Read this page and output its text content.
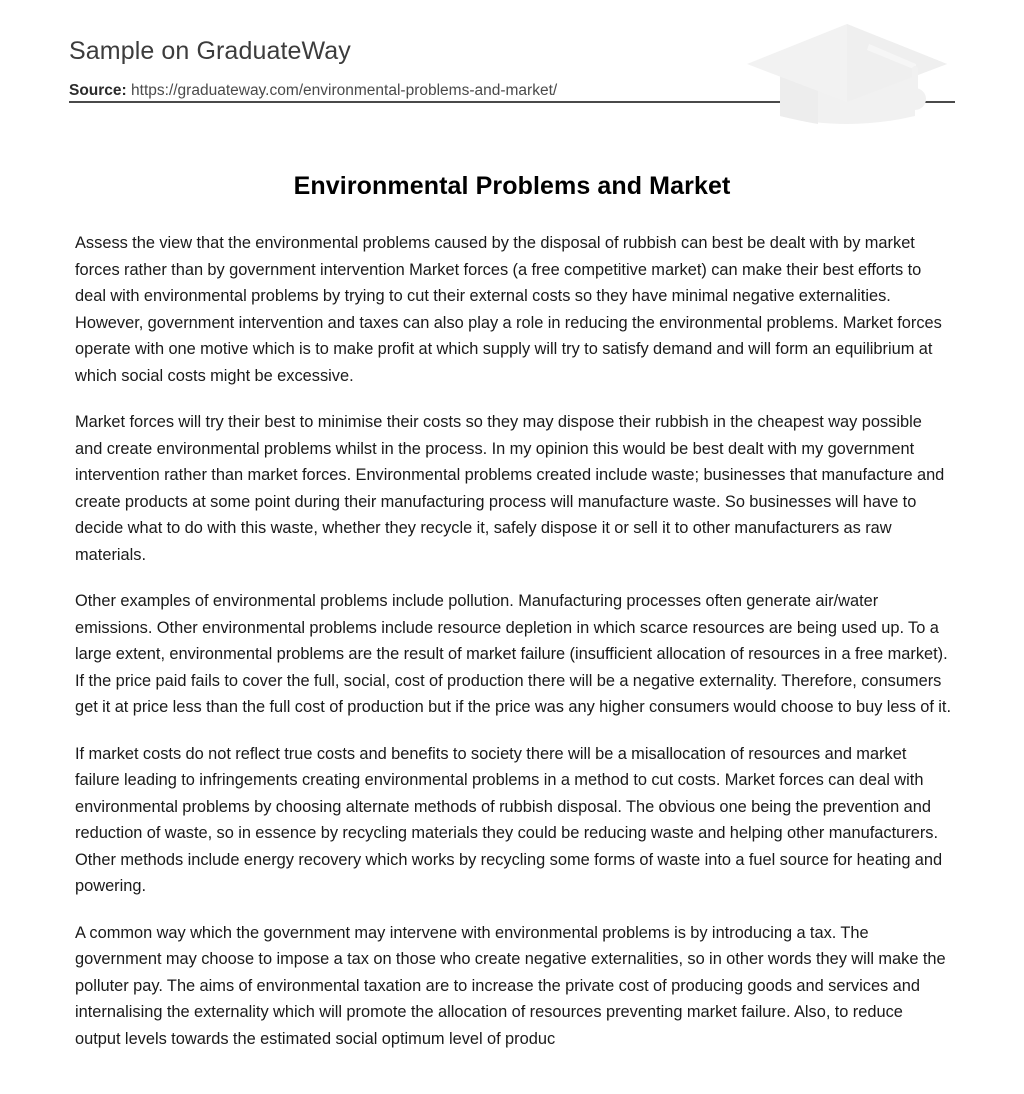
Sample on GraduateWay
Source: https://graduateway.com/environmental-problems-and-market/
Environmental Problems and Market

Assess the view that the environmental problems caused by the disposal of rubbish can best be dealt with by market forces rather than by government intervention Market forces (a free competitive market) can make their best efforts to deal with environmental problems by trying to cut their external costs so they have minimal negative externalities. However, government intervention and taxes can also play a role in reducing the environmental problems. Market forces operate with one motive which is to make profit at which supply will try to satisfy demand and will form an equilibrium at which social costs might be excessive.

Market forces will try their best to minimise their costs so they may dispose their rubbish in the cheapest way possible and create environmental problems whilst in the process. In my opinion this would be best dealt with my government intervention rather than market forces. Environmental problems created include waste; businesses that manufacture and create products at some point during their manufacturing process will manufacture waste. So businesses will have to decide what to do with this waste, whether they recycle it, safely dispose it or sell it to other manufacturers as raw materials.

Other examples of environmental problems include pollution. Manufacturing processes often generate air/water emissions. Other environmental problems include resource depletion in which scarce resources are being used up. To a large extent, environmental problems are the result of market failure (insufficient allocation of resources in a free market). If the price paid fails to cover the full, social, cost of production there will be a negative externality. Therefore, consumers get it at price less than the full cost of production but if the price was any higher consumers would choose to buy less of it.

If market costs do not reflect true costs and benefits to society there will be a misallocation of resources and market failure leading to infringements creating environmental problems in a method to cut costs. Market forces can deal with environmental problems by choosing alternate methods of rubbish disposal. The obvious one being the prevention and reduction of waste, so in essence by recycling materials they could be reducing waste and helping other manufacturers. Other methods include energy recovery which works by recycling some forms of waste into a fuel source for heating and powering.

A common way which the government may intervene with environmental problems is by introducing a tax. The government may choose to impose a tax on those who create negative externalities, so in other words they will make the polluter pay. The aims of environmental taxation are to increase the private cost of producing goods and services and internalising the externality which will promote the allocation of resources preventing market failure. Also, to reduce output levels towards the estimated social optimum level of produc
